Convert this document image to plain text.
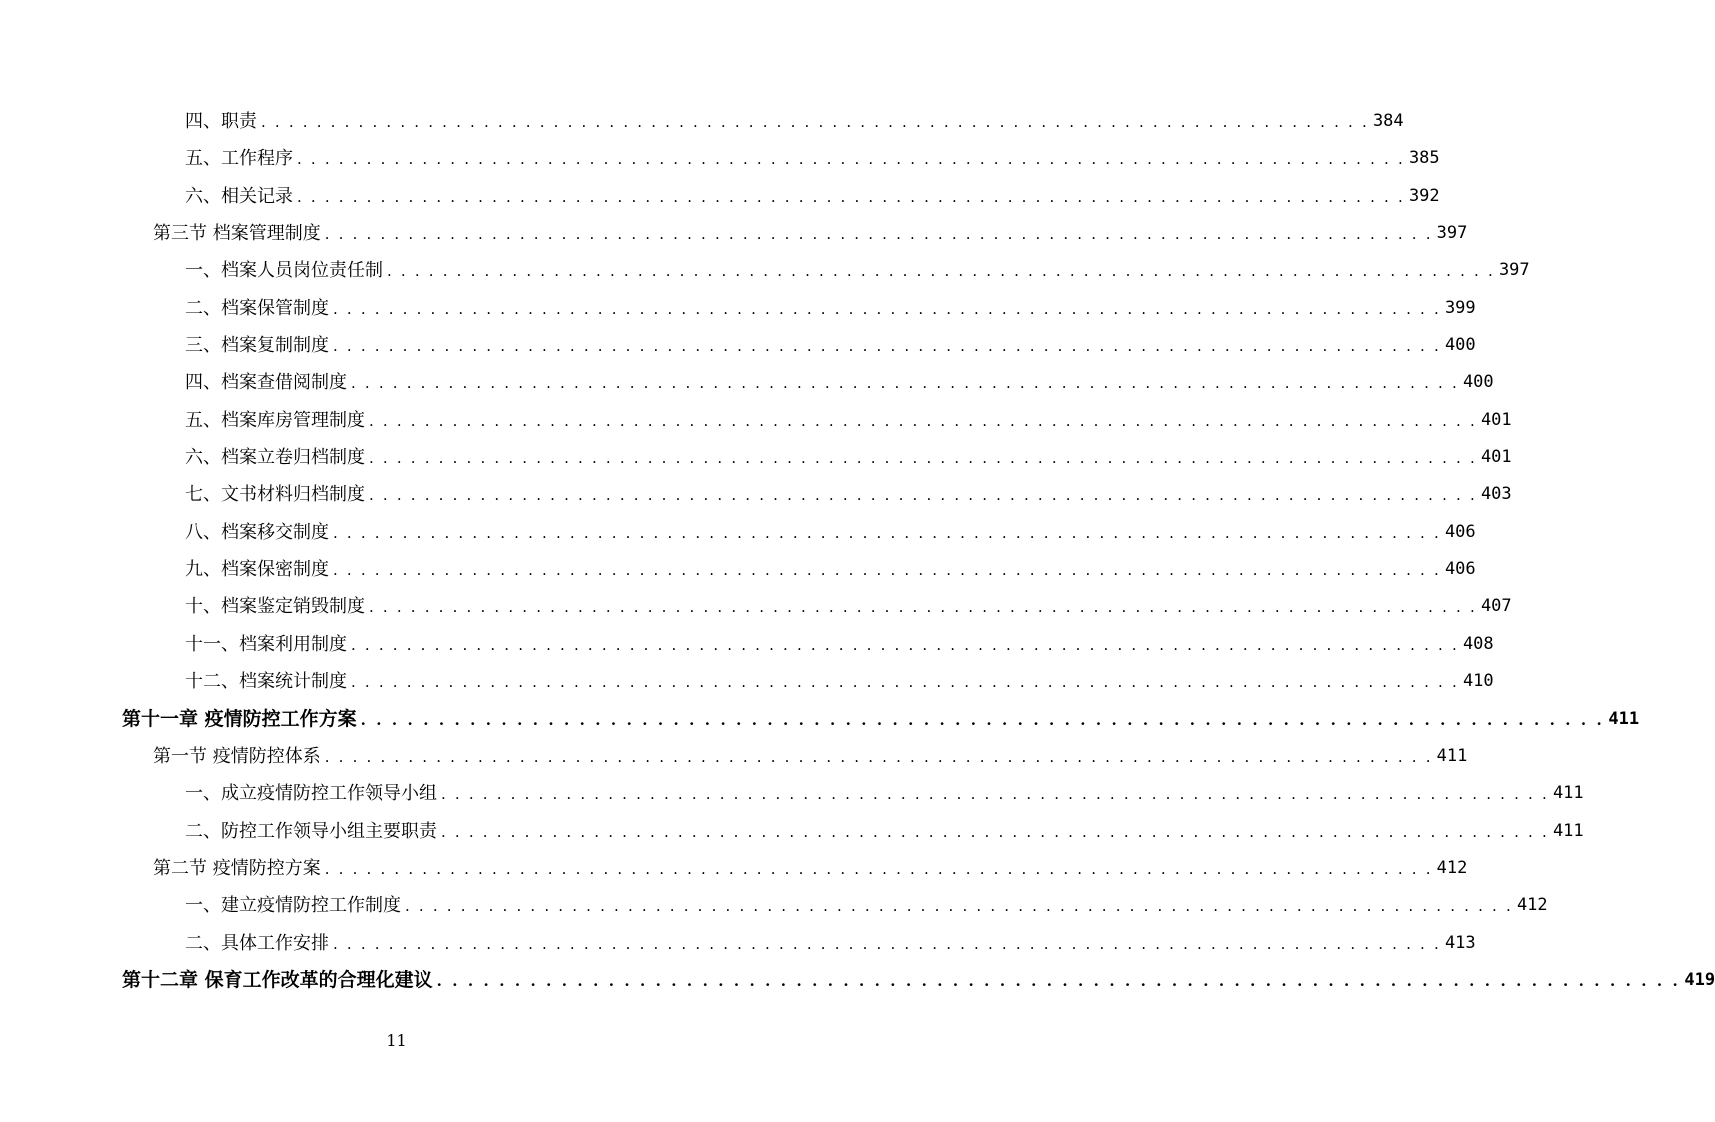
四、职责 . . . . . . . . . . . . . . . . . . . . . . . . . . . . . . . . . . . . . . . . . . . . . . . . . . . . . . . . . . . . . . . . . . . . . . . . . . . . . . . . 384
五、工作程序 . . . . . . . . . . . . . . . . . . . . . . . . . . . . . . . . . . . . . . . . . . . . . . . . . . . . . . . . . . . . . . . . . . . . . . . . . . . . . . . . 385
六、相关记录 . . . . . . . . . . . . . . . . . . . . . . . . . . . . . . . . . . . . . . . . . . . . . . . . . . . . . . . . . . . . . . . . . . . . . . . . . . . . . . . . 392
第三节 档案管理制度 . . . . . . . . . . . . . . . . . . . . . . . . . . . . . . . . . . . . . . . . . . . . . . . . . . . . . . . . . . . . . . . . . . . . . . . . . . . . . . . . 397
一、档案人员岗位责任制 . . . . . . . . . . . . . . . . . . . . . . . . . . . . . . . . . . . . . . . . . . . . . . . . . . . . . . . . . . . . . . . . . . . . . . . . . . . . . . . . 397
二、档案保管制度 . . . . . . . . . . . . . . . . . . . . . . . . . . . . . . . . . . . . . . . . . . . . . . . . . . . . . . . . . . . . . . . . . . . . . . . . . . . . . . . . 399
三、档案复制制度 . . . . . . . . . . . . . . . . . . . . . . . . . . . . . . . . . . . . . . . . . . . . . . . . . . . . . . . . . . . . . . . . . . . . . . . . . . . . . . . . 400
四、档案查借阅制度 . . . . . . . . . . . . . . . . . . . . . . . . . . . . . . . . . . . . . . . . . . . . . . . . . . . . . . . . . . . . . . . . . . . . . . . . . . . . . . . . 400
五、档案库房管理制度 . . . . . . . . . . . . . . . . . . . . . . . . . . . . . . . . . . . . . . . . . . . . . . . . . . . . . . . . . . . . . . . . . . . . . . . . . . . . . . . . 401
六、档案立卷归档制度 . . . . . . . . . . . . . . . . . . . . . . . . . . . . . . . . . . . . . . . . . . . . . . . . . . . . . . . . . . . . . . . . . . . . . . . . . . . . . . . . 401
七、文书材料归档制度 . . . . . . . . . . . . . . . . . . . . . . . . . . . . . . . . . . . . . . . . . . . . . . . . . . . . . . . . . . . . . . . . . . . . . . . . . . . . . . . . 403
八、档案移交制度 . . . . . . . . . . . . . . . . . . . . . . . . . . . . . . . . . . . . . . . . . . . . . . . . . . . . . . . . . . . . . . . . . . . . . . . . . . . . . . . . 406
九、档案保密制度 . . . . . . . . . . . . . . . . . . . . . . . . . . . . . . . . . . . . . . . . . . . . . . . . . . . . . . . . . . . . . . . . . . . . . . . . . . . . . . . . 406
十、档案鉴定销毁制度 . . . . . . . . . . . . . . . . . . . . . . . . . . . . . . . . . . . . . . . . . . . . . . . . . . . . . . . . . . . . . . . . . . . . . . . . . . . . . . . . 407
十一、档案利用制度 . . . . . . . . . . . . . . . . . . . . . . . . . . . . . . . . . . . . . . . . . . . . . . . . . . . . . . . . . . . . . . . . . . . . . . . . . . . . . . . . 408
十二、档案统计制度 . . . . . . . . . . . . . . . . . . . . . . . . . . . . . . . . . . . . . . . . . . . . . . . . . . . . . . . . . . . . . . . . . . . . . . . . . . . . . . . . 410
第十一章 疫情防控工作方案 . . . . . . . . . . . . . . . . . . . . . . . . . . . . . . . . . . . . . . . . . . . . . . . . . . . . . . . . . . . . . . . . . . . . . . . . . . . . . . . . 411
第一节 疫情防控体系 . . . . . . . . . . . . . . . . . . . . . . . . . . . . . . . . . . . . . . . . . . . . . . . . . . . . . . . . . . . . . . . . . . . . . . . . . . . . . . . . 411
一、成立疫情防控工作领导小组 . . . . . . . . . . . . . . . . . . . . . . . . . . . . . . . . . . . . . . . . . . . . . . . . . . . . . . . . . . . . . . . . . . . . . . . . . . . . . . . . 411
二、防控工作领导小组主要职责 . . . . . . . . . . . . . . . . . . . . . . . . . . . . . . . . . . . . . . . . . . . . . . . . . . . . . . . . . . . . . . . . . . . . . . . . . . . . . . . . 411
第二节 疫情防控方案 . . . . . . . . . . . . . . . . . . . . . . . . . . . . . . . . . . . . . . . . . . . . . . . . . . . . . . . . . . . . . . . . . . . . . . . . . . . . . . . . 412
一、建立疫情防控工作制度 . . . . . . . . . . . . . . . . . . . . . . . . . . . . . . . . . . . . . . . . . . . . . . . . . . . . . . . . . . . . . . . . . . . . . . . . . . . . . . . . 412
二、具体工作安排 . . . . . . . . . . . . . . . . . . . . . . . . . . . . . . . . . . . . . . . . . . . . . . . . . . . . . . . . . . . . . . . . . . . . . . . . . . . . . . . . 413
第十二章 保育工作改革的合理化建议 . . . . . . . . . . . . . . . . . . . . . . . . . . . . . . . . . . . . . . . . . . . . . . . . . . . . . . . . . . . . . . . . . . . . . . . . . . . . . . . . 419
11
